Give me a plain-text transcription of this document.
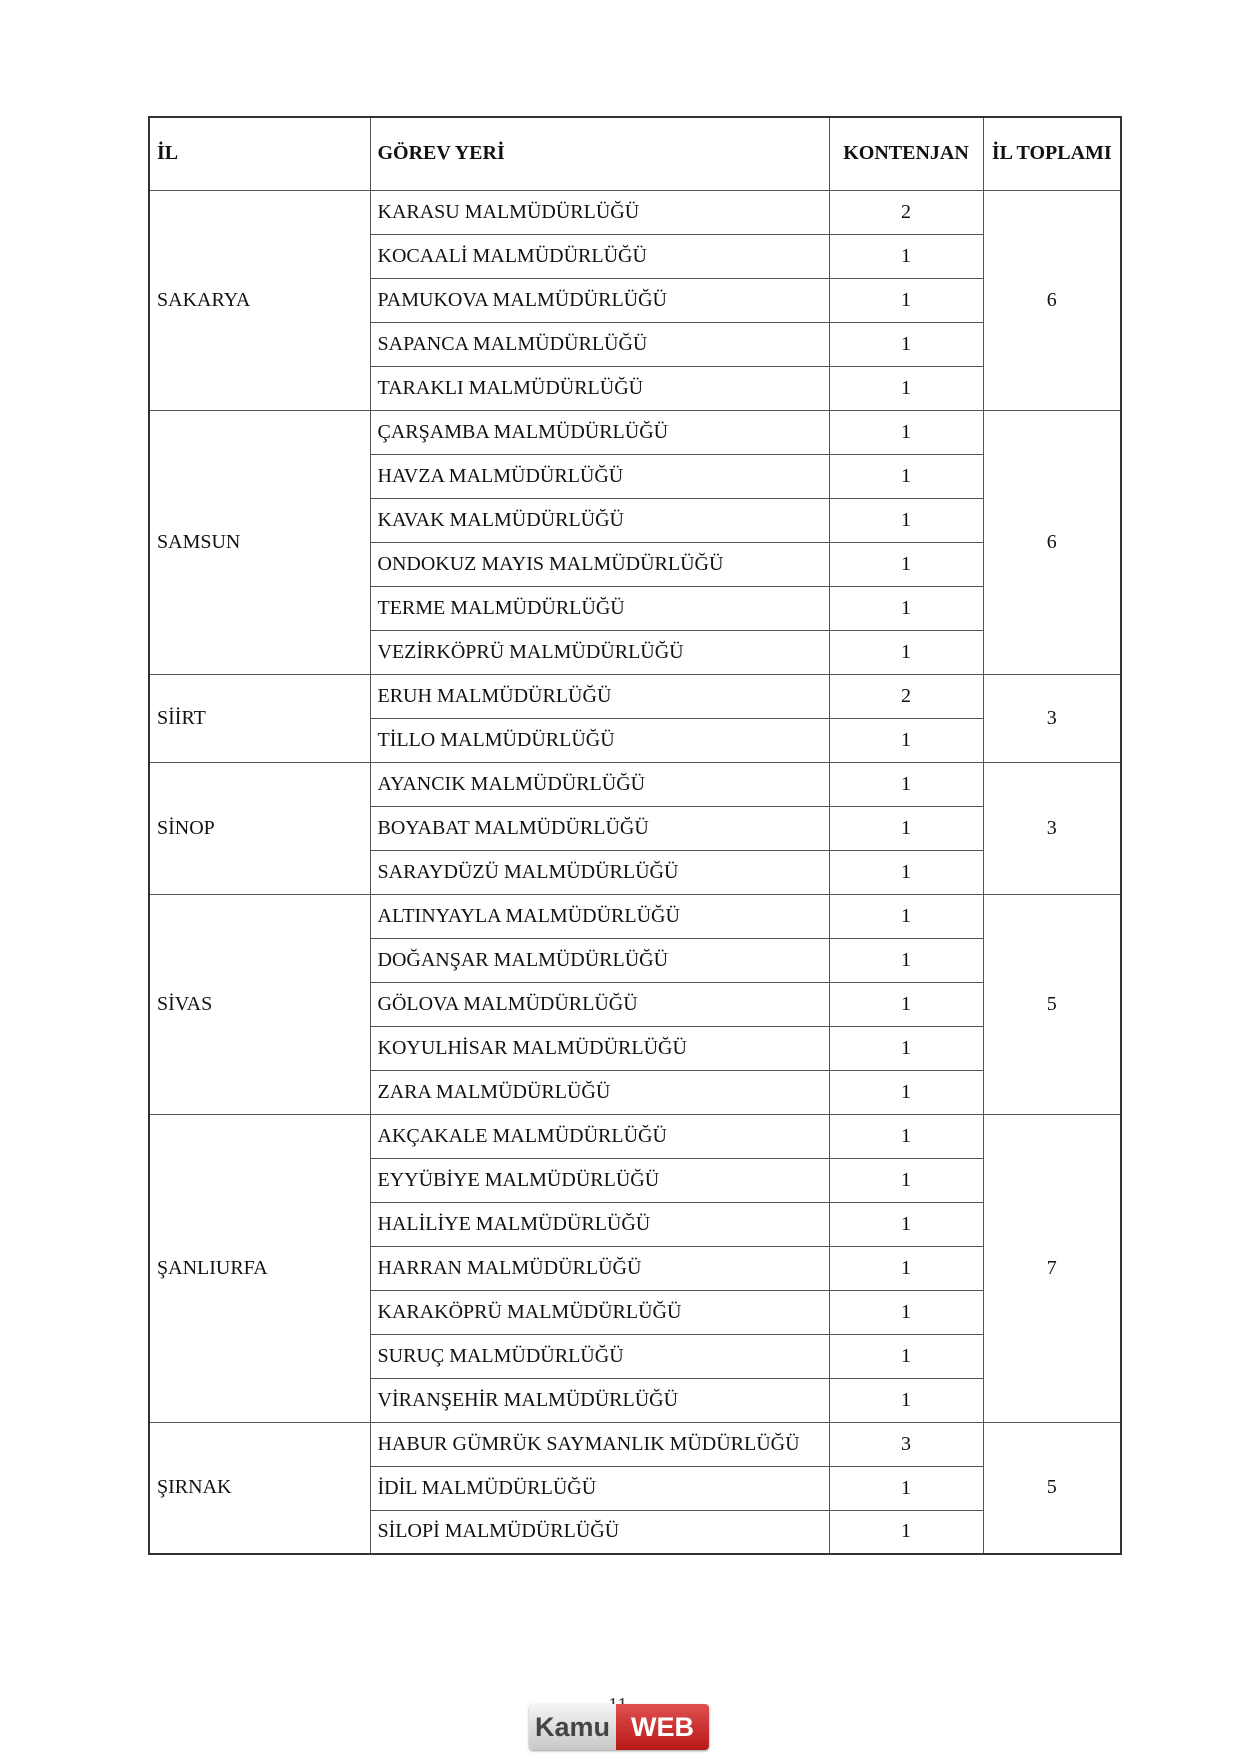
İL	GÖREV YERİ	KONTENJAN	İL TOPLAMI
SAKARYA	KARASU MALMÜDÜRLÜĞÜ	2	6
	KOCAALİ MALMÜDÜRLÜĞÜ	1	
	PAMUKOVA MALMÜDÜRLÜĞÜ	1	
	SAPANCA MALMÜDÜRLÜĞÜ	1	
	TARAKLI MALMÜDÜRLÜĞÜ	1	
SAMSUN	ÇARŞAMBA MALMÜDÜRLÜĞÜ	1	6
	HAVZA MALMÜDÜRLÜĞÜ	1	
	KAVAK MALMÜDÜRLÜĞÜ	1	
	ONDOKUZ MAYIS MALMÜDÜRLÜĞÜ	1	
	TERME MALMÜDÜRLÜĞÜ	1	
	VEZİRKÖPRÜ MALMÜDÜRLÜĞÜ	1	
SİİRT	ERUH MALMÜDÜRLÜĞÜ	2	3
	TİLLO MALMÜDÜRLÜĞÜ	1	
SİNOP	AYANCIK MALMÜDÜRLÜĞÜ	1	3
	BOYABAT MALMÜDÜRLÜĞÜ	1	
	SARAYDÜZÜ MALMÜDÜRLÜĞÜ	1	
SİVAS	ALTINYAYLA MALMÜDÜRLÜĞÜ	1	5
	DOĞANŞAR MALMÜDÜRLÜĞÜ	1	
	GÖLOVA MALMÜDÜRLÜĞÜ	1	
	KOYULHİSAR MALMÜDÜRLÜĞÜ	1	
	ZARA MALMÜDÜRLÜĞÜ	1	
ŞANLIURFA	AKÇAKALE MALMÜDÜRLÜĞÜ	1	7
	EYYÜBİYE MALMÜDÜRLÜĞÜ	1	
	HALİLİYE MALMÜDÜRLÜĞÜ	1	
	HARRAN MALMÜDÜRLÜĞÜ	1	
	KARAKÖPRÜ MALMÜDÜRLÜĞÜ	1	
	SURUÇ MALMÜDÜRLÜĞÜ	1	
	VİRANŞEHİR MALMÜDÜRLÜĞÜ	1	
ŞIRNAK	HABUR GÜMRÜK SAYMANLIK MÜDÜRLÜĞÜ	3	5
	İDİL MALMÜDÜRLÜĞÜ	1	
	SİLOPİ MALMÜDÜRLÜĞÜ	1	
Kamu WEB
